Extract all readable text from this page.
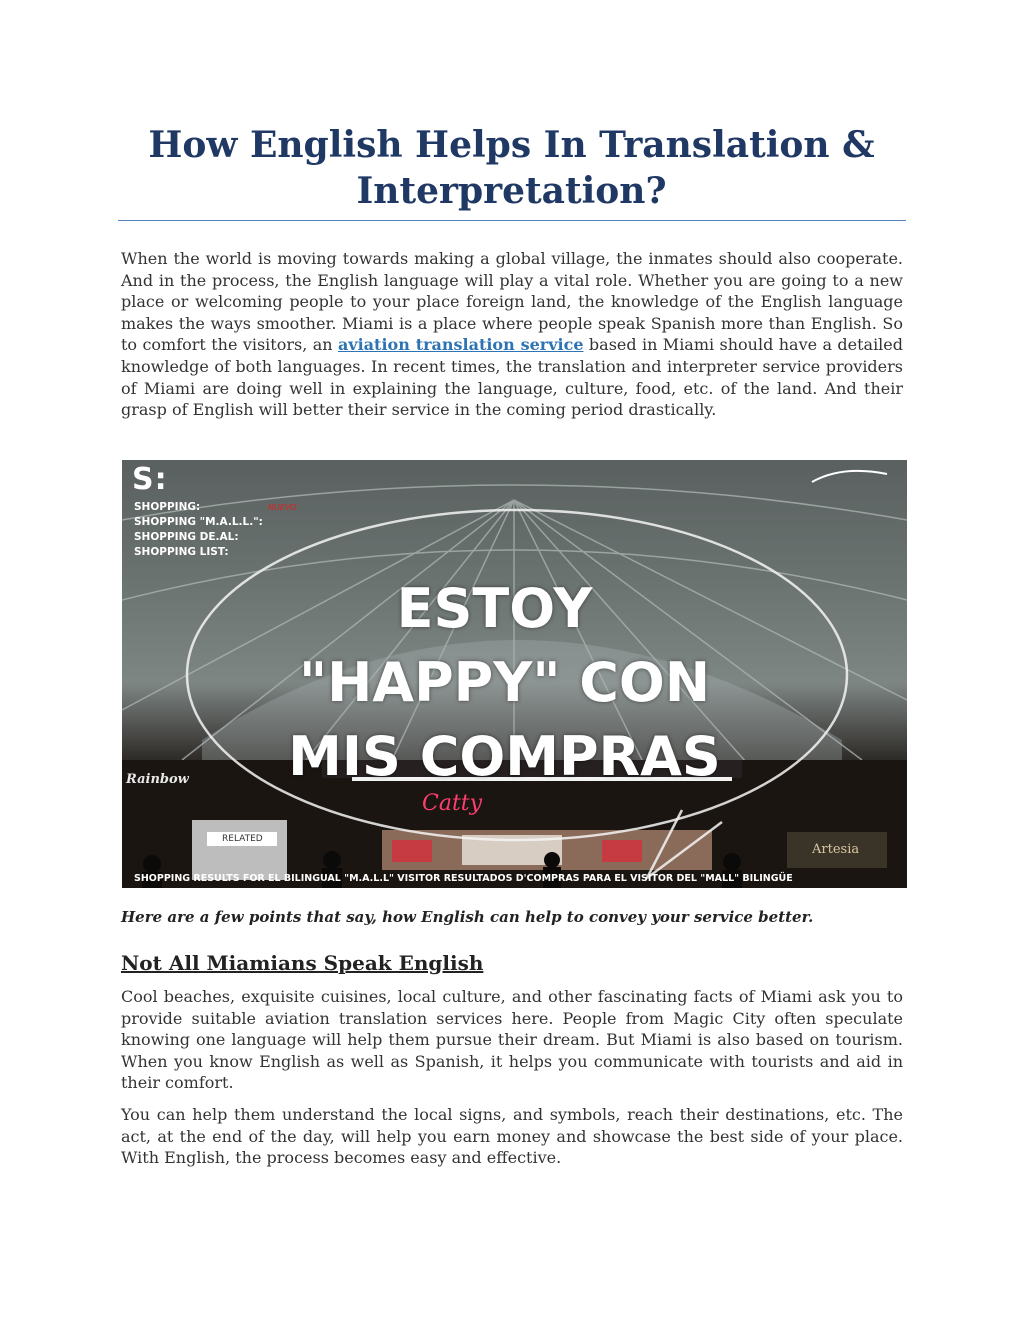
How English Helps In Translation & Interpretation?

When the world is moving towards making a global village, the inmates should also cooperate. And in the process, the English language will play a vital role. Whether you are going to a new place or welcoming people to your place foreign land, the knowledge of the English language makes the ways smoother. Miami is a place where people speak Spanish more than English. So to comfort the visitors, an aviation translation service based in Miami should have a detailed knowledge of both languages. In recent times, the translation and interpreter service providers of Miami are doing well in explaining the language, culture, food, etc. of the land. And their grasp of English will better their service in the coming period drastically.

Catty
S:
SHOPPING:
SHOPPING "M.A.L.L.":
SHOPPING DE.AL:
SHOPPING LIST:
NUEVO
ESTOY
"HAPPY" CON
MIS COMPRAS
Rainbow
RELATED
Artesia
SHOPPING RESULTS FOR EL BILINGUAL "M.A.L.L" VISITOR RESULTADOS D'COMPRAS PARA EL VISITOR DEL "MALL" BILINGÜE

Here are a few points that say, how English can help to convey your service better.

Not All Miamians Speak English

Cool beaches, exquisite cuisines, local culture, and other fascinating facts of Miami ask you to provide suitable aviation translation services here. People from Magic City often speculate knowing one language will help them pursue their dream. But Miami is also based on tourism. When you know English as well as Spanish, it helps you communicate with tourists and aid in their comfort.

You can help them understand the local signs, and symbols, reach their destinations, etc. The act, at the end of the day, will help you earn money and showcase the best side of your place. With English, the process becomes easy and effective.
